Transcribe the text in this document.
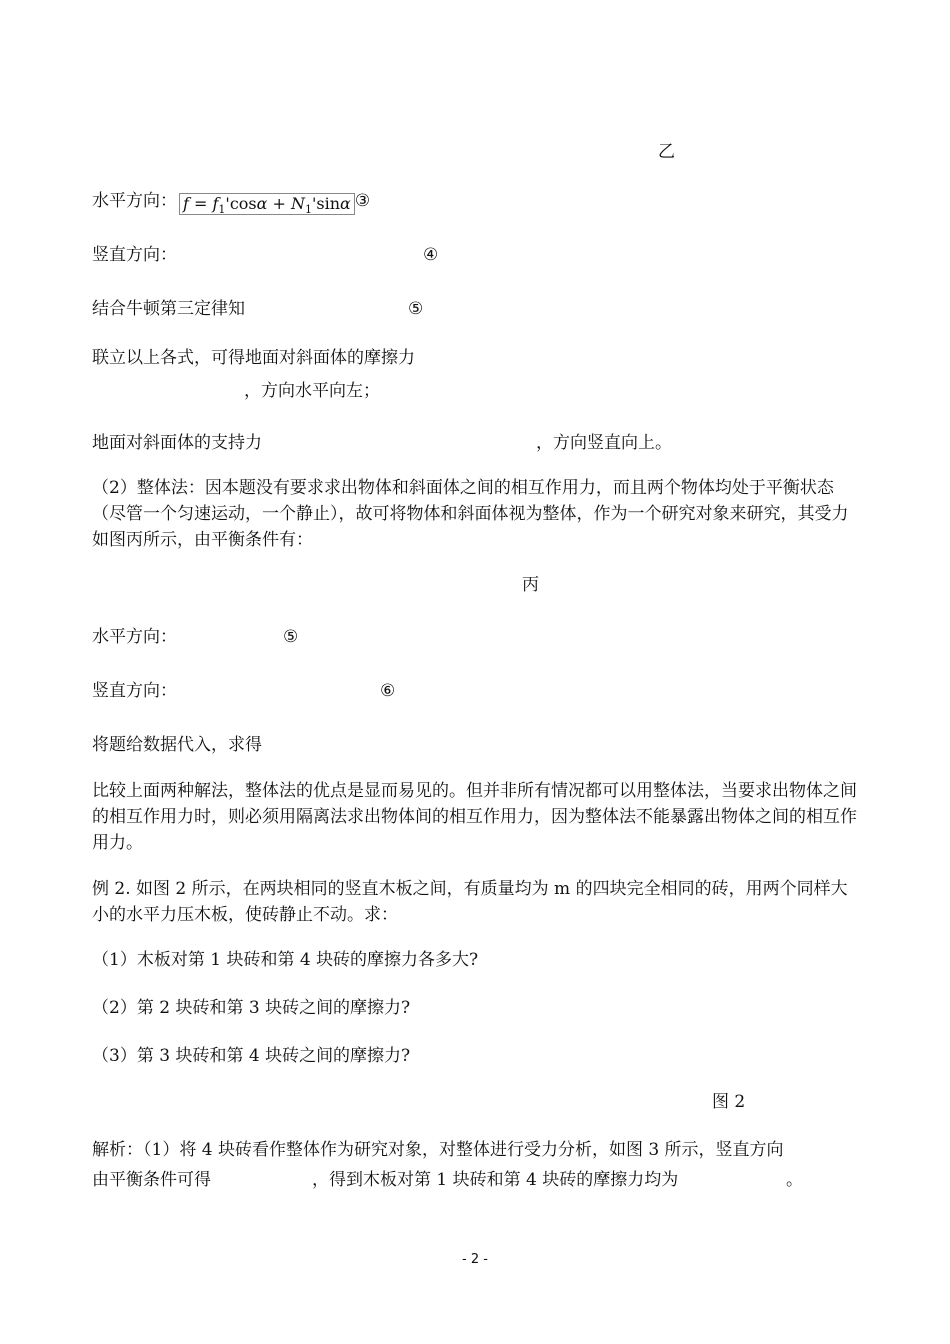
乙
水平方向： $f = f_1'\cos\alpha + N_1'\sin\alpha$ ③
竖直方向：	④
结合牛顿第三定律知	⑤
联立以上各式，可得地面对斜面体的摩擦力
，方向水平向左；
地面对斜面体的支持力	，方向竖直向上。
（2）整体法：因本题没有要求求出物体和斜面体之间的相互作用力，而且两个物体均处于平衡状态（尽管一个匀速运动，一个静止），故可将物体和斜面体视为整体，作为一个研究对象来研究，其受力如图丙所示，由平衡条件有：
丙
水平方向：	⑤
竖直方向：	⑥
将题给数据代入，求得
比较上面两种解法，整体法的优点是显而易见的。但并非所有情况都可以用整体法，当要求出物体之间的相互作用力时，则必须用隔离法求出物体间的相互作用力，因为整体法不能暴露出物体之间的相互作用力。
例 2. 如图 2 所示，在两块相同的竖直木板之间，有质量均为 m 的四块完全相同的砖，用两个同样大小的水平力压木板，使砖静止不动。求：
（1）木板对第 1 块砖和第 4 块砖的摩擦力各多大?
（2）第 2 块砖和第 3 块砖之间的摩擦力?
（3）第 3 块砖和第 4 块砖之间的摩擦力?
图 2
解析：（1）将 4 块砖看作整体作为研究对象，对整体进行受力分析，如图 3 所示，竖直方向
由平衡条件可得	，得到木板对第 1 块砖和第 4 块砖的摩擦力均为	。
- 2 -
